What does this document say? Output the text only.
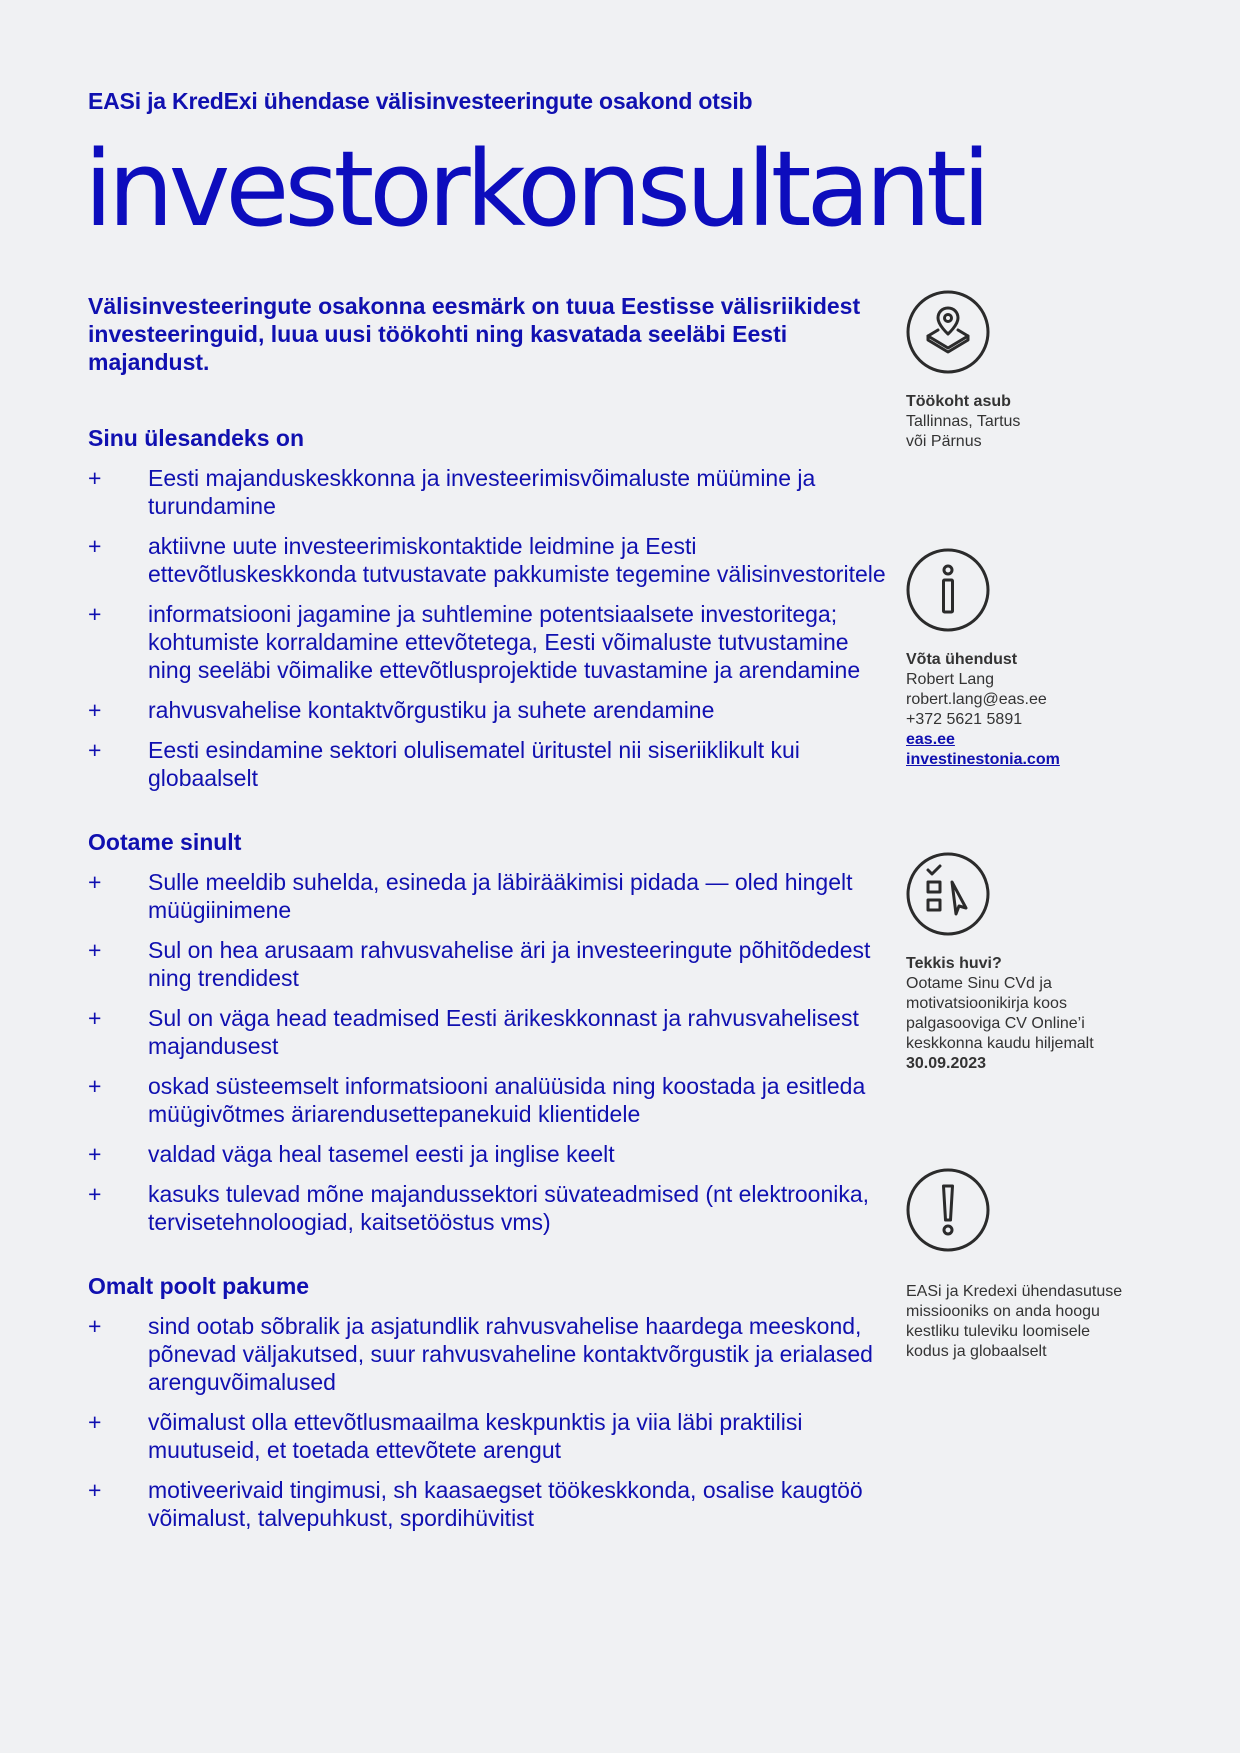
EASi ja KredExi ühendase välisinvesteeringute osakond otsib
investorkonsultanti
Välisinvesteeringute osakonna eesmärk on tuua Eestisse välisriikidest investeeringuid, luua uusi töökohti ning kasvatada seeläbi Eesti majandust.
Sinu ülesandeks on
+ Eesti majanduskeskkonna ja investeerimisvõimaluste müümine ja turundamine
+ aktiivne uute investeerimiskontaktide leidmine ja Eesti ettevõtluskeskkonda tutvustavate pakkumiste tegemine välisinvestoritele
+ informatsiooni jagamine ja suhtlemine potentsiaalsete investoritega; kohtumiste korraldamine ettevõtetega, Eesti võimaluste tutvustamine ning seeläbi võimalike ettevõtlusprojektide tuvastamine ja arendamine
+ rahvusvahelise kontaktvõrgustiku ja suhete arendamine
+ Eesti esindamine sektori olulisematel üritustel nii siseriiklikult kui globaalselt
Ootame sinult
+ Sulle meeldib suhelda, esineda ja läbirääkimisi pidada — oled hingelt müügiinimene
+ Sul on hea arusaam rahvusvahelise äri ja investeeringute põhitõdedest ning trendidest
+ Sul on väga head teadmised Eesti ärikeskkonnast ja rahvusvahelisest majandusest
+ oskad süsteemselt informatsiooni analüüsida ning koostada ja esitleda müügivõtmes äriarendusettepanekuid klientidele
+ valdad väga heal tasemel eesti ja inglise keelt
+ kasuks tulevad mõne majandussektori süvateadmised (nt elektroonika, tervisetehnoloogiad, kaitsetööstus vms)
Omalt poolt pakume
+ sind ootab sõbralik ja asjatundlik rahvusvahelise haardega meeskond, põnevad väljakutsed, suur rahvusvaheline kontaktvõrgustik ja erialased arenguvõimalused
+ võimalust olla ettevõtlusmaailma keskpunktis ja viia läbi praktilisi muutuseid, et toetada ettevõtete arengut
+ motiveerivaid tingimusi, sh kaasaegset töökeskkonda, osalise kaugtöö võimalust, talvepuhkust, spordihüvitist
Töökoht asub
Tallinnas, Tartus
või Pärnus
Võta ühendust
Robert Lang
robert.lang@eas.ee
+372 5621 5891
eas.ee
investinestonia.com
Tekkis huvi?
Ootame Sinu CVd ja
motivatsioonikirja koos
palgasooviga CV Online’i
keskkonna kaudu hiljemalt
30.09.2023
EASi ja Kredexi ühendasutuse
missiooniks on anda hoogu
kestliku tuleviku loomisele
kodus ja globaalselt
